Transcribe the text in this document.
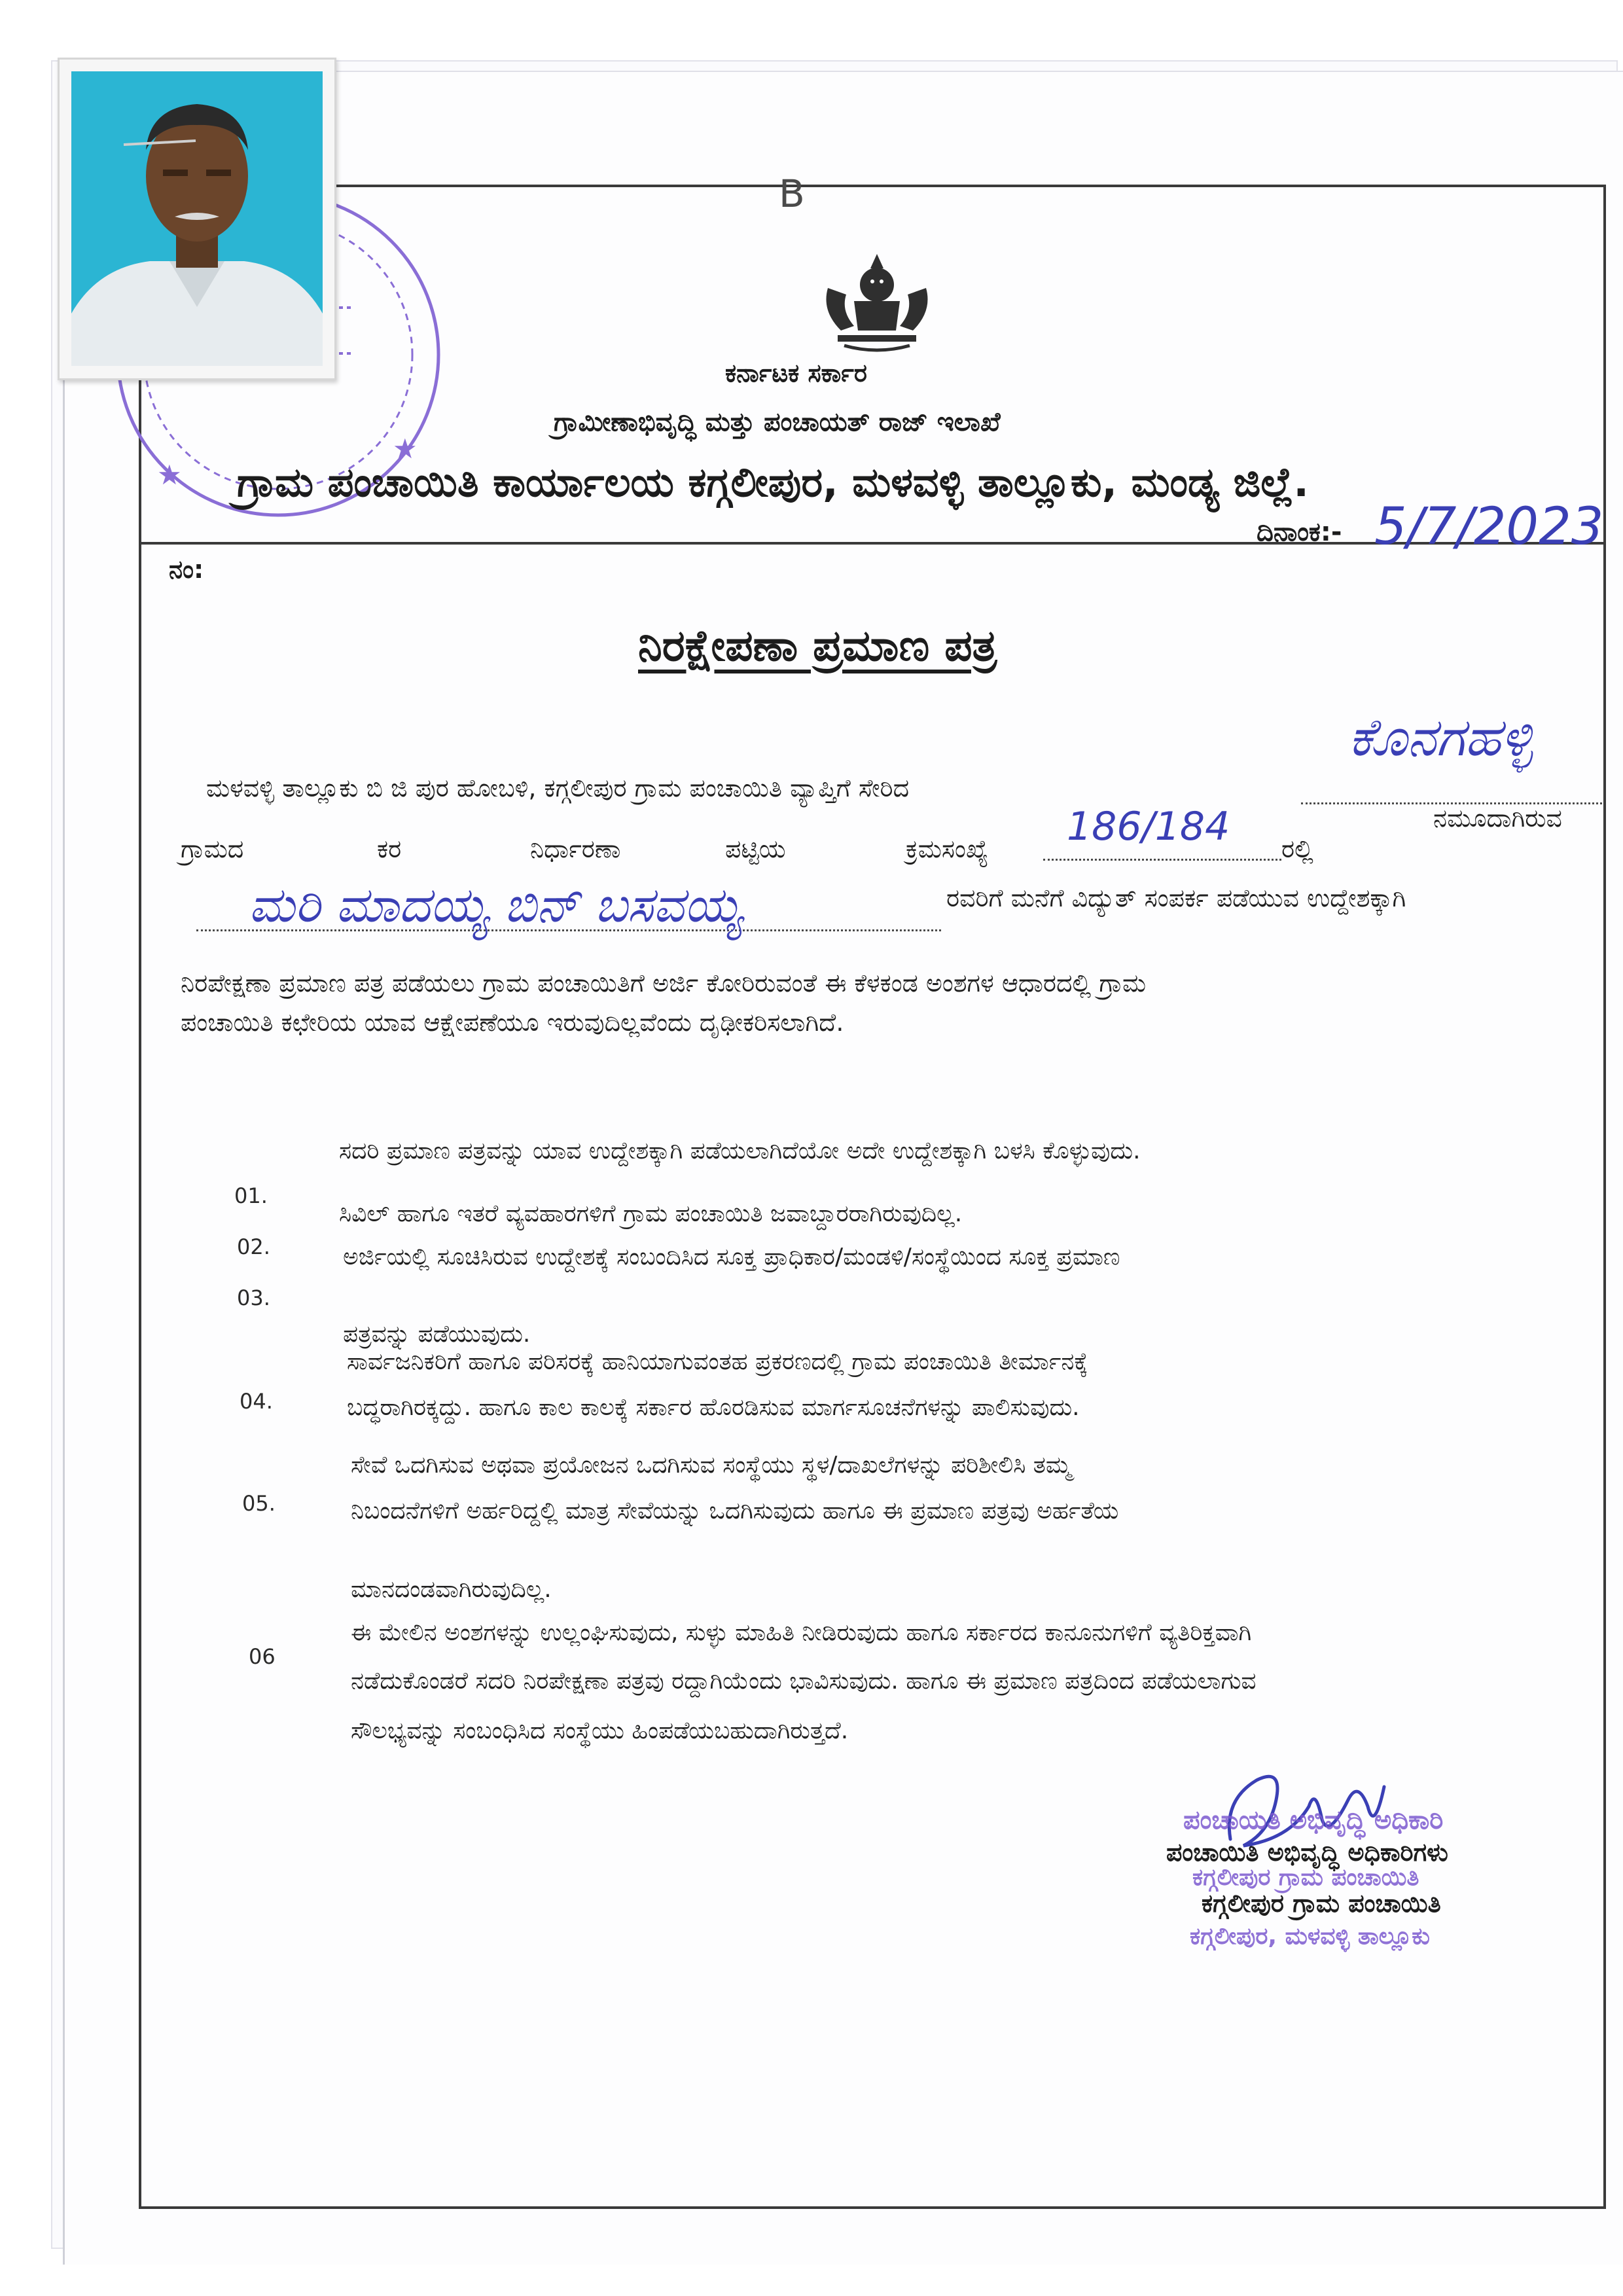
B
★
★
ಕರ್ನಾಟಕ ಸರ್ಕಾರ
ಗ್ರಾಮೀಣಾಭಿವೃದ್ಧಿ ಮತ್ತು ಪಂಚಾಯತ್ ರಾಜ್ ಇಲಾಖೆ
ಗ್ರಾಮ ಪಂಚಾಯಿತಿ ಕಾರ್ಯಾಲಯ ಕಗ್ಗಲೀಪುರ, ಮಳವಳ್ಳಿ ತಾಲ್ಲೂಕು, ಮಂಡ್ಯ ಜಿಲ್ಲೆ.
ನಂ:
ದಿನಾಂಕ:- 5/7/2023
ನಿರಕ್ಷೇಪಣಾ ಪ್ರಮಾಣ ಪತ್ರ
ಮಳವಳ್ಳಿ ತಾಲ್ಲೂಕು ಬಿ ಜಿ ಪುರ ಹೋಬಳಿ, ಕಗ್ಗಲೀಪುರ ಗ್ರಾಮ ಪಂಚಾಯಿತಿ ವ್ಯಾಪ್ತಿಗೆ ಸೇರಿದ
ಕೊನಗಹಳ್ಳಿ
ಗ್ರಾಮದ	ಕರ	ನಿರ್ಧಾರಣಾ	ಪಟ್ಟಿಯ	ಕ್ರಮಸಂಖ್ಯೆ 186/184 ರಲ್ಲಿ
ನಮೂದಾಗಿರುವ
ಮರಿ ಮಾದಯ್ಯ ಬಿನ್ ಬಸವಯ್ಯ	ರವರಿಗೆ ಮನೆಗೆ ವಿದ್ಯುತ್ ಸಂಪರ್ಕ ಪಡೆಯುವ ಉದ್ದೇಶಕ್ಕಾಗಿ
ನಿರಪೇಕ್ಷಣಾ ಪ್ರಮಾಣ ಪತ್ರ ಪಡೆಯಲು ಗ್ರಾಮ ಪಂಚಾಯಿತಿಗೆ ಅರ್ಜಿ ಕೋರಿರುವಂತೆ ಈ ಕೆಳಕಂಡ ಅಂಶಗಳ ಆಧಾರದಲ್ಲಿ ಗ್ರಾಮ
ಪಂಚಾಯಿತಿ ಕಛೇರಿಯ ಯಾವ ಆಕ್ಷೇಪಣೆಯೂ ಇರುವುದಿಲ್ಲವೆಂದು ದೃಢೀಕರಿಸಲಾಗಿದೆ.
01.
ಸದರಿ ಪ್ರಮಾಣ ಪತ್ರವನ್ನು ಯಾವ ಉದ್ದೇಶಕ್ಕಾಗಿ ಪಡೆಯಲಾಗಿದೆಯೋ ಅದೇ ಉದ್ದೇಶಕ್ಕಾಗಿ ಬಳಸಿ ಕೊಳ್ಳುವುದು.
02.
ಸಿವಿಲ್ ಹಾಗೂ ಇತರೆ ವ್ಯವಹಾರಗಳಿಗೆ ಗ್ರಾಮ ಪಂಚಾಯಿತಿ ಜವಾಬ್ದಾರರಾಗಿರುವುದಿಲ್ಲ.
03.
ಅರ್ಜಿಯಲ್ಲಿ ಸೂಚಿಸಿರುವ ಉದ್ದೇಶಕ್ಕೆ ಸಂಬಂದಿಸಿದ ಸೂಕ್ತ ಪ್ರಾಧಿಕಾರ/ಮಂಡಳಿ/ಸಂಸ್ಥೆಯಿಂದ ಸೂಕ್ತ ಪ್ರಮಾಣ
ಪತ್ರವನ್ನು ಪಡೆಯುವುದು.
04.
ಸಾರ್ವಜನಿಕರಿಗೆ ಹಾಗೂ ಪರಿಸರಕ್ಕೆ ಹಾನಿಯಾಗುವಂತಹ ಪ್ರಕರಣದಲ್ಲಿ ಗ್ರಾಮ ಪಂಚಾಯಿತಿ ತೀರ್ಮಾನಕ್ಕೆ
ಬದ್ಧರಾಗಿರಕ್ಕದ್ದು. ಹಾಗೂ ಕಾಲ ಕಾಲಕ್ಕೆ ಸರ್ಕಾರ ಹೊರಡಿಸುವ ಮಾರ್ಗಸೂಚನೆಗಳನ್ನು ಪಾಲಿಸುವುದು.
05.
ಸೇವೆ ಒದಗಿಸುವ ಅಥವಾ ಪ್ರಯೋಜನ ಒದಗಿಸುವ ಸಂಸ್ಥೆಯು ಸ್ಥಳ/ದಾಖಲೆಗಳನ್ನು ಪರಿಶೀಲಿಸಿ ತಮ್ಮ
ನಿಬಂದನೆಗಳಿಗೆ ಅರ್ಹರಿದ್ದಲ್ಲಿ ಮಾತ್ರ ಸೇವೆಯನ್ನು ಒದಗಿಸುವುದು ಹಾಗೂ ಈ ಪ್ರಮಾಣ ಪತ್ರವು ಅರ್ಹತೆಯ
ಮಾನದಂಡವಾಗಿರುವುದಿಲ್ಲ.
06
ಈ ಮೇಲಿನ ಅಂಶಗಳನ್ನು ಉಲ್ಲಂಘಿಸುವುದು, ಸುಳ್ಳು ಮಾಹಿತಿ ನೀಡಿರುವುದು ಹಾಗೂ ಸರ್ಕಾರದ ಕಾನೂನುಗಳಿಗೆ ವ್ಯತಿರಿಕ್ತವಾಗಿ
ನಡೆದುಕೊಂಡರೆ ಸದರಿ ನಿರಪೇಕ್ಷಣಾ ಪತ್ರವು ರದ್ದಾಗಿಯೆಂದು ಭಾವಿಸುವುದು. ಹಾಗೂ ಈ ಪ್ರಮಾಣ ಪತ್ರದಿಂದ ಪಡೆಯಲಾಗುವ
ಸೌಲಭ್ಯವನ್ನು ಸಂಬಂಧಿಸಿದ ಸಂಸ್ಥೆಯು ಹಿಂಪಡೆಯಬಹುದಾಗಿರುತ್ತದೆ.
ಪಂಚಾಯತಿ ಅಭಿವೃದ್ಧಿ ಅಧಿಕಾರಿ
ಪಂಚಾಯಿತಿ ಅಭಿವೃದ್ಧಿ ಅಧಿಕಾರಿಗಳು
ಕಗ್ಗಲೀಪುರ ಗ್ರಾಮ ಪಂಚಾಯಿತಿ
ಕಗ್ಗಲೀಪುರ ಗ್ರಾಮ ಪಂಚಾಯಿತಿ
ಕಗ್ಗಲೀಪುರ, ಮಳವಳ್ಳಿ ತಾಲ್ಲೂಕು
